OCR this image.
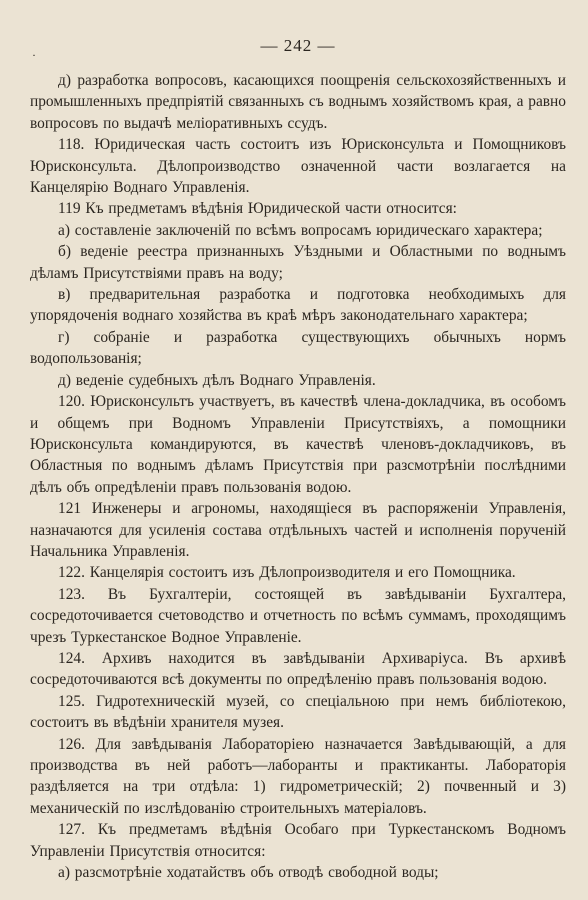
·	— 242 —

д) разработка вопросовъ, касающихся поощренія сельскохозяйственныхъ и промышленныхъ предпріятій связанныхъ съ воднымъ хозяйствомъ края, а равно вопросовъ по выдачѣ меліоративныхъ ссудъ.

118. Юридическая часть состоитъ изъ Юрисконсульта и Помощниковъ Юрисконсульта. Дѣлопроизводство означенной части возлагается на Канцелярію Воднаго Управленія.

119 Къ предметамъ вѣдѣнія Юридической части относится:

а) составленіе заключеній по всѣмъ вопросамъ юридическаго характера;

б) веденіе реестра признанныхъ Уѣздными и Областными по воднымъ дѣламъ Присутствіями правъ на воду;

в) предварительная разработка и подготовка необходимыхъ для упорядоченія воднаго хозяйства въ краѣ мѣръ законодательнаго характера;

г) собраніе и разработка существующихъ обычныхъ нормъ водопользованія;

д) веденіе судебныхъ дѣлъ Воднаго Управленія.

120. Юрисконсультъ участвуетъ, въ качествѣ члена-докладчика, въ особомъ и общемъ при Водномъ Управленіи Присутствіяхъ, а помощники Юрисконсульта командируются, въ качествѣ членовъ-докладчиковъ, въ Областныя по воднымъ дѣламъ Присутствія при разсмотрѣніи послѣдними дѣлъ объ опредѣленіи правъ пользованія водою.

121 Инженеры и агрономы, находящіеся въ распоряженіи Управленія, назначаются для усиленія состава отдѣльныхъ частей и исполненія порученій Начальника Управленія.

122. Канцелярія состоитъ изъ Дѣлопроизводителя и его Помощника.

123. Въ Бухгалтеріи, состоящей въ завѣдываніи Бухгалтера, сосредоточивается счетоводство и отчетность по всѣмъ суммамъ, проходящимъ чрезъ Туркестанское Водное Управленіе.

124. Архивъ находится въ завѣдываніи Архиваріуса. Въ архивѣ сосредоточиваются всѣ документы по опредѣленію правъ пользованія водою.

125. Гидротехническій музей, со спеціальною при немъ библіотекою, состоитъ въ вѣдѣніи хранителя музея.

126. Для завѣдыванія Лабораторіею назначается Завѣдывающій, а для производства въ ней работъ—лаборанты и практиканты. Лабораторія раздѣляется на три отдѣла: 1) гидрометрическій; 2) почвенный и 3) механическій по изслѣдованію строительныхъ матеріаловъ.

127. Къ предметамъ вѣдѣнія Особаго при Туркестанскомъ Водномъ Управленіи Присутствія относится:

а) разсмотрѣніе ходатайствъ объ отводѣ свободной воды;
